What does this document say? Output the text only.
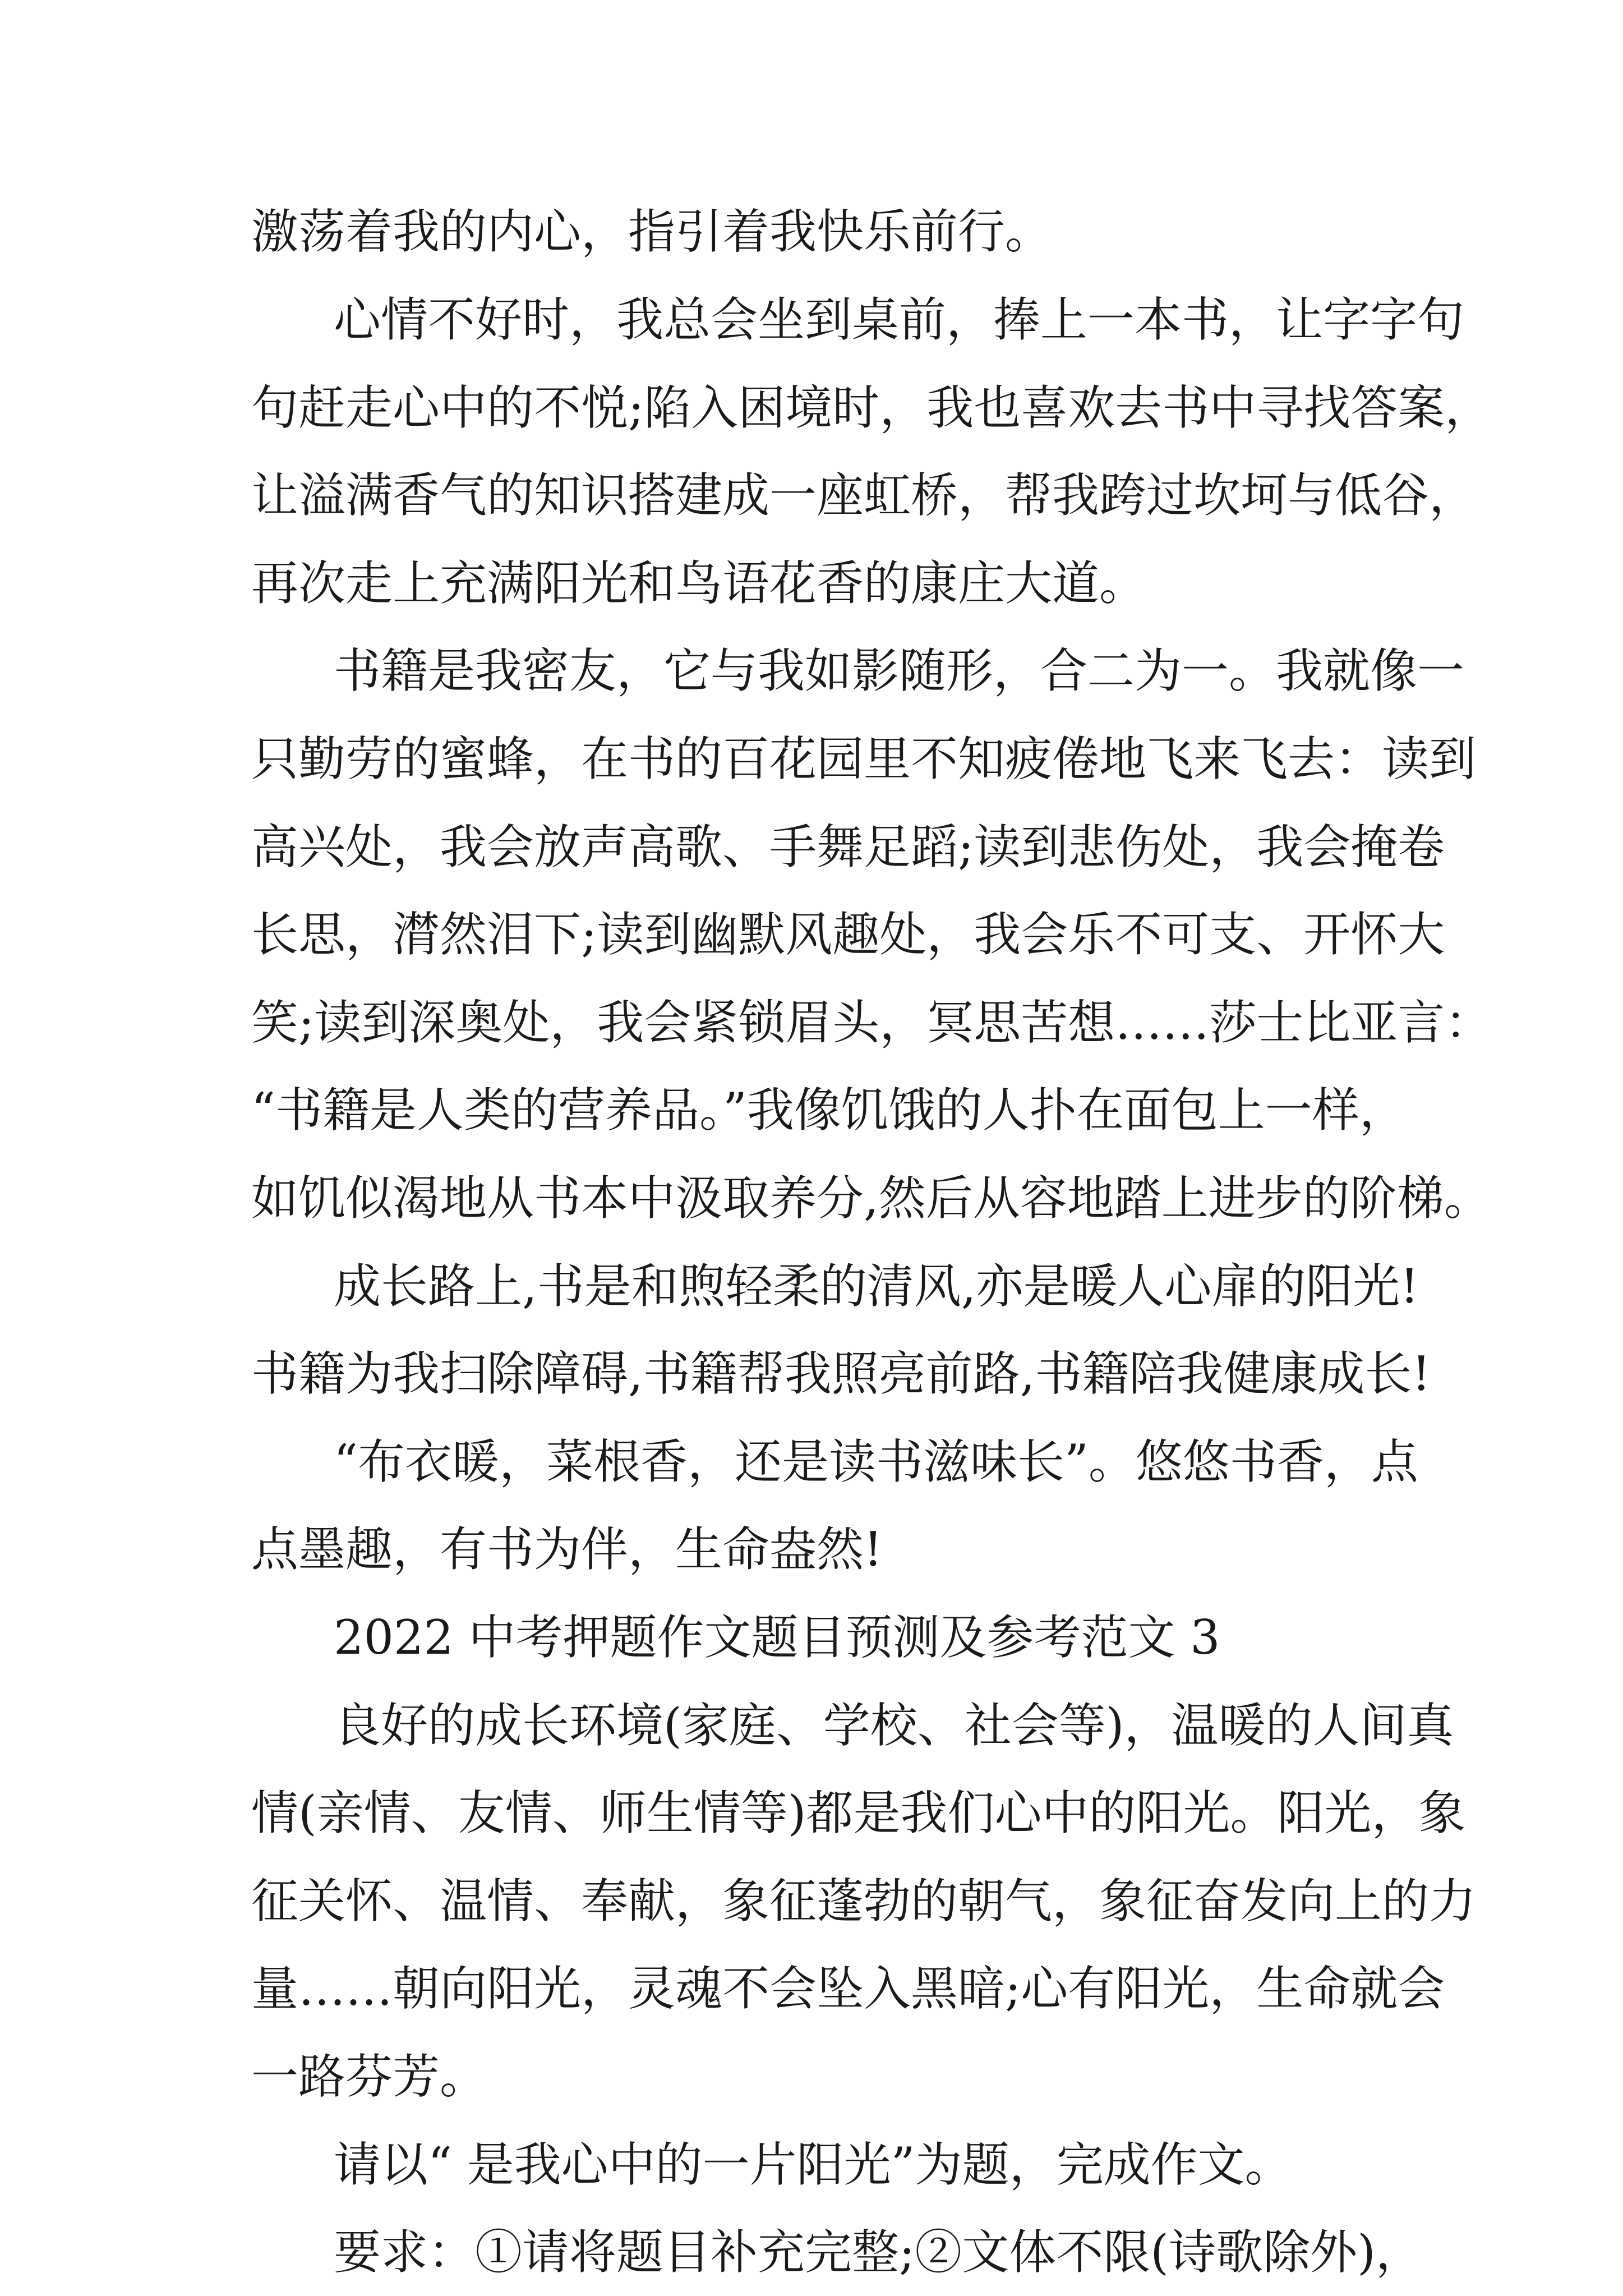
激荡着我的内心，指引着我快乐前行。
心情不好时，我总会坐到桌前，捧上一本书，让字字句
句赶走心中的不悦;陷入困境时，我也喜欢去书中寻找答案，
让溢满香气的知识搭建成一座虹桥，帮我跨过坎坷与低谷，
再次走上充满阳光和鸟语花香的康庄大道。
书籍是我密友，它与我如影随形，合二为一。我就像一
只勤劳的蜜蜂，在书的百花园里不知疲倦地飞来飞去：读到
高兴处，我会放声高歌、手舞足蹈;读到悲伤处，我会掩卷
长思，潸然泪下;读到幽默风趣处，我会乐不可支、开怀大
笑;读到深奥处，我会紧锁眉头，冥思苦想……莎士比亚言：
“书籍是人类的营养品。”我像饥饿的人扑在面包上一样，
如饥似渴地从书本中汲取养分,然后从容地踏上进步的阶梯。
成长路上,书是和煦轻柔的清风,亦是暖人心扉的阳光!
书籍为我扫除障碍,书籍帮我照亮前路,书籍陪我健康成长!
“布衣暖，菜根香，还是读书滋味长”。悠悠书香，点
点墨趣，有书为伴，生命盎然!
2022 中考押题作文题目预测及参考范文 3
良好的成长环境(家庭、学校、社会等)，温暖的人间真
情(亲情、友情、师生情等)都是我们心中的阳光。阳光，象
征关怀、温情、奉献，象征蓬勃的朝气，象征奋发向上的力
量……朝向阳光，灵魂不会坠入黑暗;心有阳光，生命就会
一路芬芳。
请以“ 是我心中的一片阳光”为题，完成作文。
要求：①请将题目补充完整;②文体不限(诗歌除外)，
